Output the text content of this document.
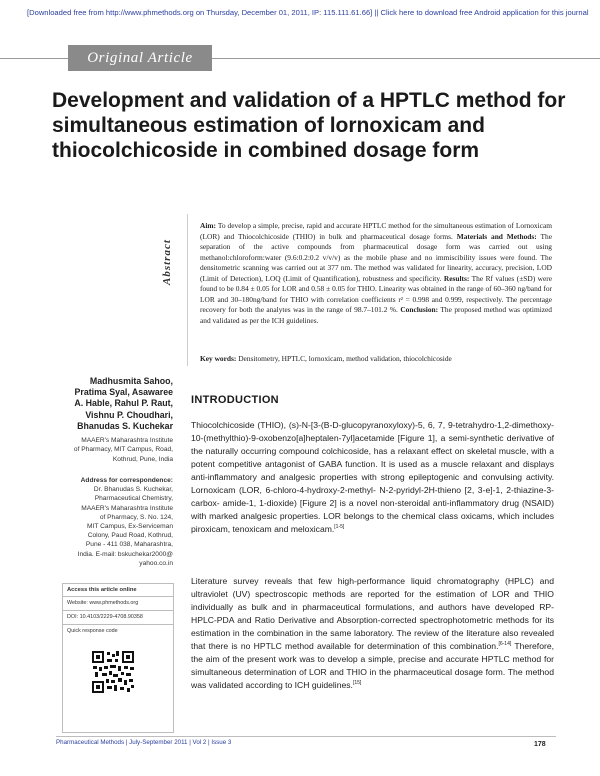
[Downloaded free from http://www.phmethods.org on Thursday, December 01, 2011, IP: 115.111.61.66] || Click here to download free Android application for this journal
Original Article
Development and validation of a HPTLC method for simultaneous estimation of lornoxicam and thiocolchicoside in combined dosage form
Abstract

Aim: To develop a simple, precise, rapid and accurate HPTLC method for the simultaneous estimation of Lornoxicam (LOR) and Thiocolchicoside (THIO) in bulk and pharmaceutical dosage forms. Materials and Methods: The separation of the active compounds from pharmaceutical dosage form was carried out using methanol:chloroform:water (9.6:0.2:0.2 v/v/v) as the mobile phase and no immiscibility issues were found. The densitometric scanning was carried out at 377 nm. The method was validated for linearity, accuracy, precision, LOD (Limit of Detection), LOQ (Limit of Quantification), robustness and specificity. Results: The Rf values (±SD) were found to be 0.84 ± 0.05 for LOR and 0.58 ± 0.05 for THIO. Linearity was obtained in the range of 60–360 ng/band for LOR and 30–180ng/band for THIO with correlation coefficients r² = 0.998 and 0.999, respectively. The percentage recovery for both the analytes was in the range of 98.7–101.2 %. Conclusion: The proposed method was optimized and validated as per the ICH guidelines.

Key words: Densitometry, HPTLC, lornoxicam, method validation, thiocolchicoside

Madhusmita Sahoo,
Pratima Syal, Asawaree
A. Hable, Rahul P. Raut,
Vishnu P. Choudhari,
Bhanudas S. Kuchekar
MAAER's Maharashtra Institute
of Pharmacy, MIT Campus, Road,
Kothrud, Pune, India
Address for correspondence:
Dr. Bhanudas S. Kuchekar,
Pharmaceutical Chemistry,
MAAER's Maharashtra Institute
of Pharmacy, S. No. 124,
MIT Campus, Ex-Serviceman
Colony, Paud Road, Kothrud,
Pune - 411 038, Maharashtra,
India. E-mail: bskuchekar2000@
yahoo.co.in
Access this article online
Website: www.phmethods.org
DOI: 10.4103/2229-4708.90358
Quick response code
INTRODUCTION

Thiocolchicoside (THIO), (s)-N-[3-(B-D-glucopyranoxyloxy)-5, 6, 7, 9-tetrahydro-1,2-dimethoxy-10-(methylthio)-9-oxobenzo[a]heptalen-7yl]acetamide [Figure 1], a semi-synthetic derivative of the naturally occurring compound colchicoside, has a relaxant effect on skeletal muscle, with a potent competitive antagonist of GABA function. It is used as a muscle relaxant and displays anti-inflammatory and analgesic properties with strong epileptogenic and convulsing activity. Lornoxicam (LOR, 6-chloro-4-hydroxy-2-methyl- N-2-pyridyl-2H-thieno [2, 3-e]-1, 2-thiazine-3-carbox- amide-1, 1-dioxide) [Figure 2] is a novel non-steroidal anti-inflammatory drug (NSAID) with marked analgesic properties. LOR belongs to the chemical class oxicams, which includes piroxicam, tenoxicam and meloxicam.[1-5]

Literature survey reveals that few high-performance liquid chromatography (HPLC) and ultraviolet (UV) spectroscopic methods are reported for the estimation of LOR and THIO individually as bulk and in pharmaceutical formulations, and authors have developed RP-HPLC-PDA and Ratio Derivative and Absorption-corrected spectrophotometric methods for its estimation in the combination in the same laboratory. The review of the literature also revealed that there is no HPTLC method available for determination of this combination.[6-14] Therefore, the aim of the present work was to develop a simple, precise and accurate HPTLC method for simultaneous determination of LOR and THIO in the pharmaceutical dosage form. The method was validated according to ICH guidelines.[15]

Pharmaceutical Methods | July-September 2011 | Vol 2 | Issue 3	178
